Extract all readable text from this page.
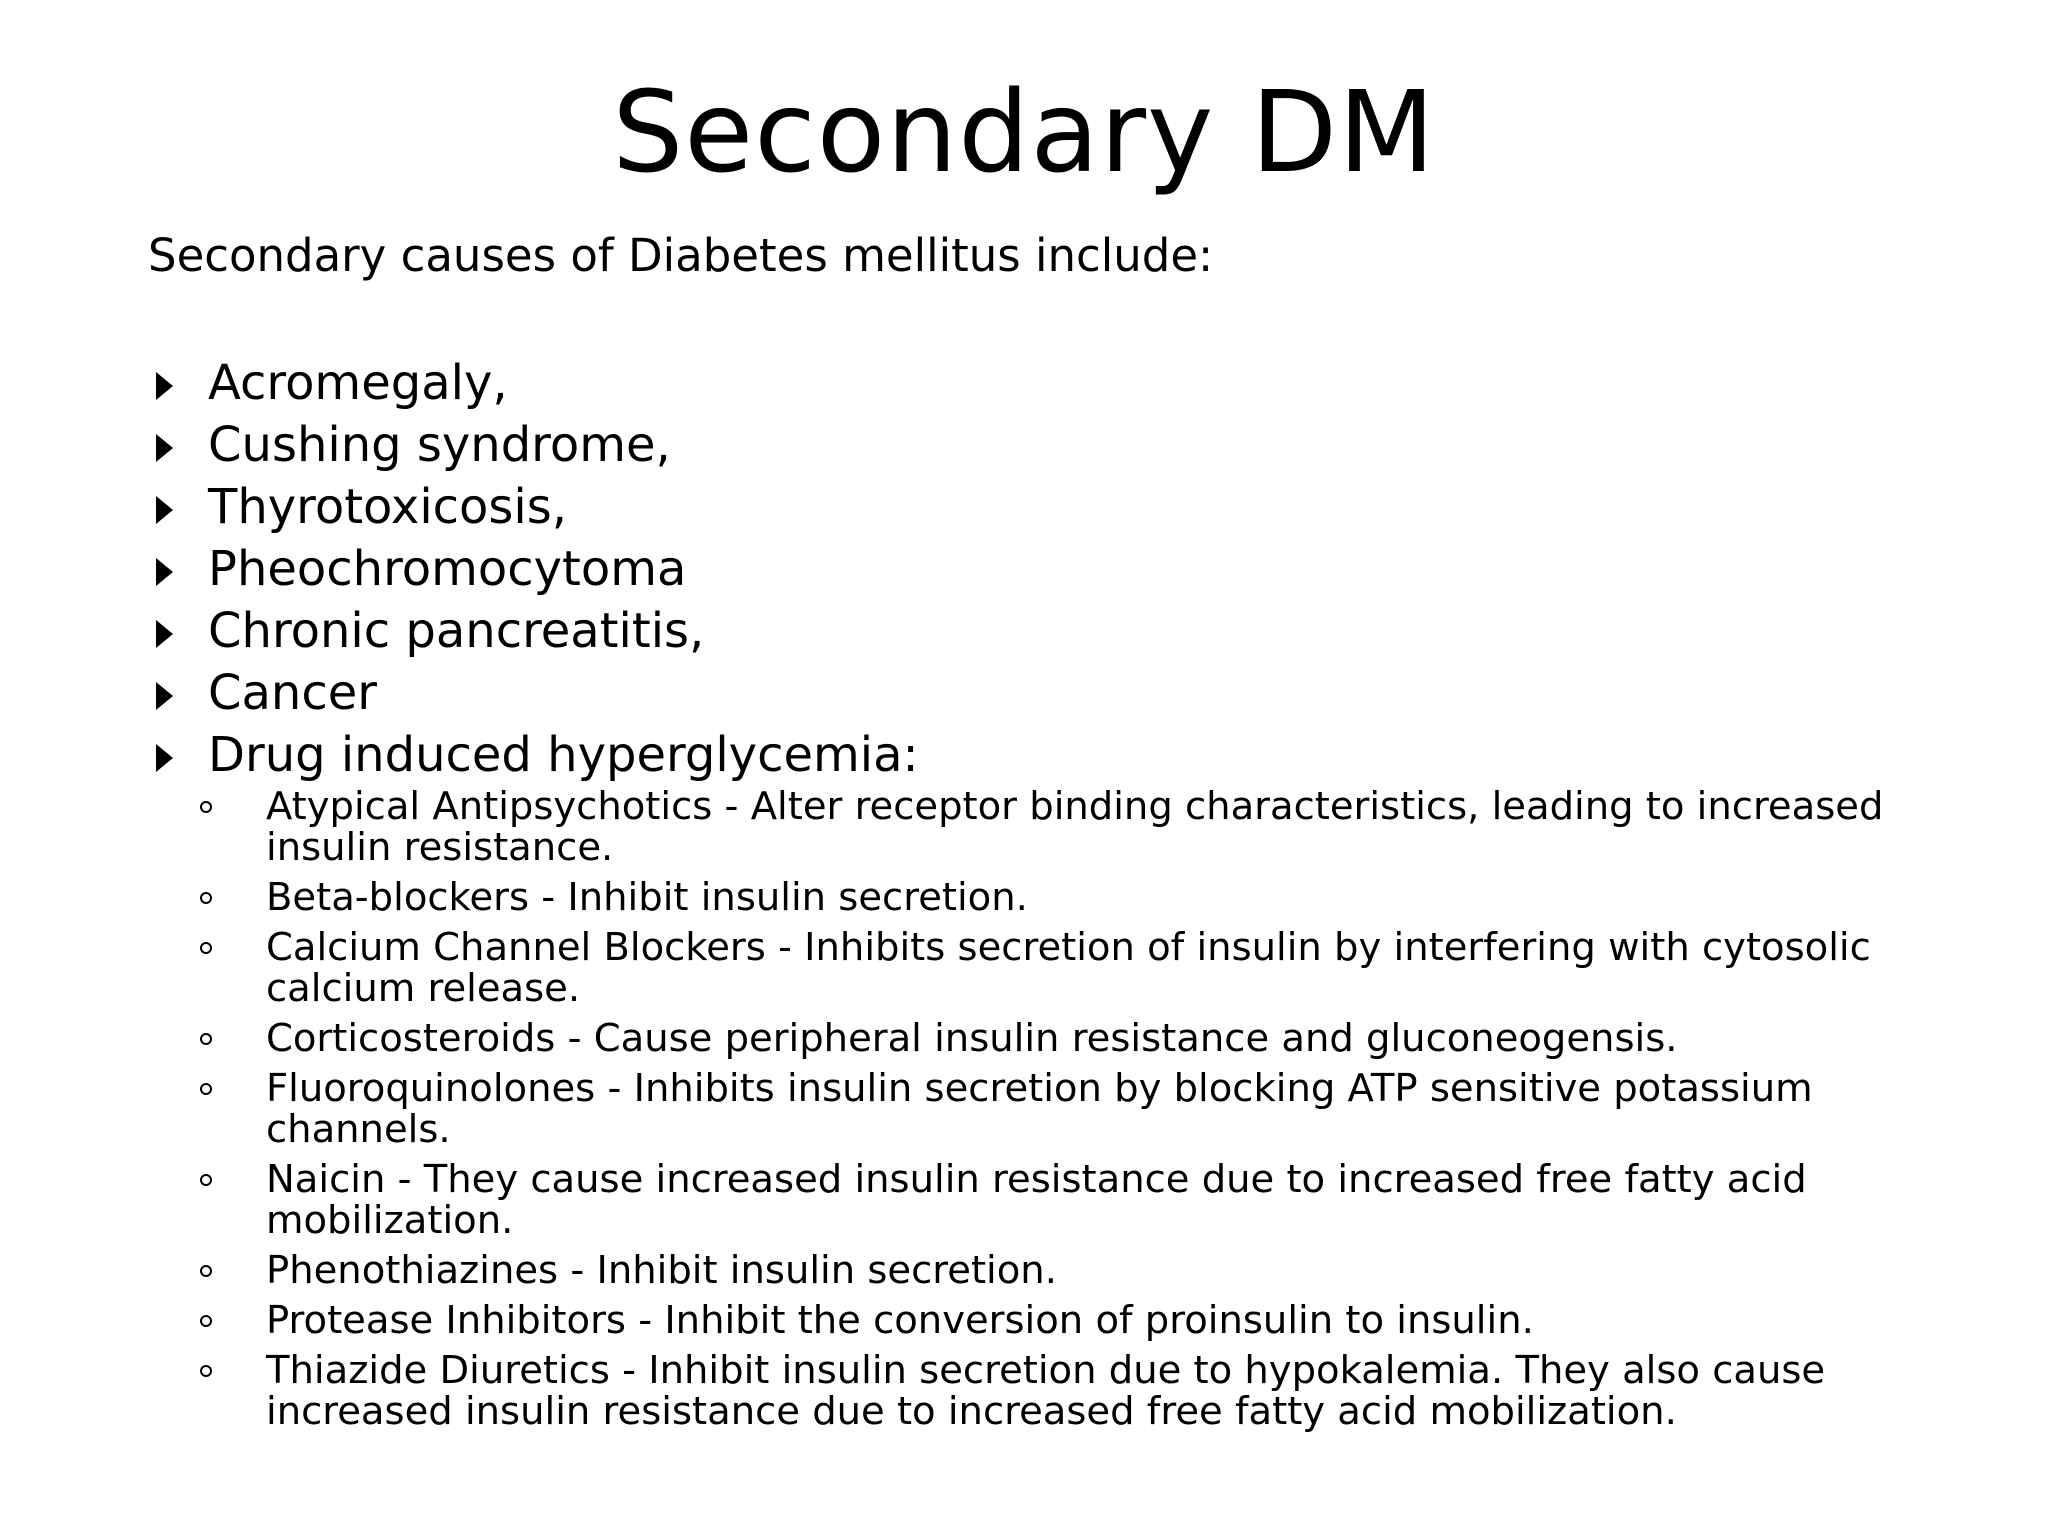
Secondary DM
Secondary causes of Diabetes mellitus include:
Acromegaly,
Cushing syndrome,
Thyrotoxicosis,
Pheochromocytoma
Chronic pancreatitis,
Cancer
Drug induced hyperglycemia:
Atypical Antipsychotics - Alter receptor binding characteristics, leading to increased insulin resistance.
Beta-blockers - Inhibit insulin secretion.
Calcium Channel Blockers - Inhibits secretion of insulin by interfering with cytosolic calcium release.
Corticosteroids - Cause peripheral insulin resistance and gluconeogensis.
Fluoroquinolones - Inhibits insulin secretion by blocking ATP sensitive potassium channels.
Naicin - They cause increased insulin resistance due to increased free fatty acid mobilization.
Phenothiazines - Inhibit insulin secretion.
Protease Inhibitors - Inhibit the conversion of proinsulin to insulin.
Thiazide Diuretics - Inhibit insulin secretion due to hypokalemia. They also cause increased insulin resistance due to increased free fatty acid mobilization.
